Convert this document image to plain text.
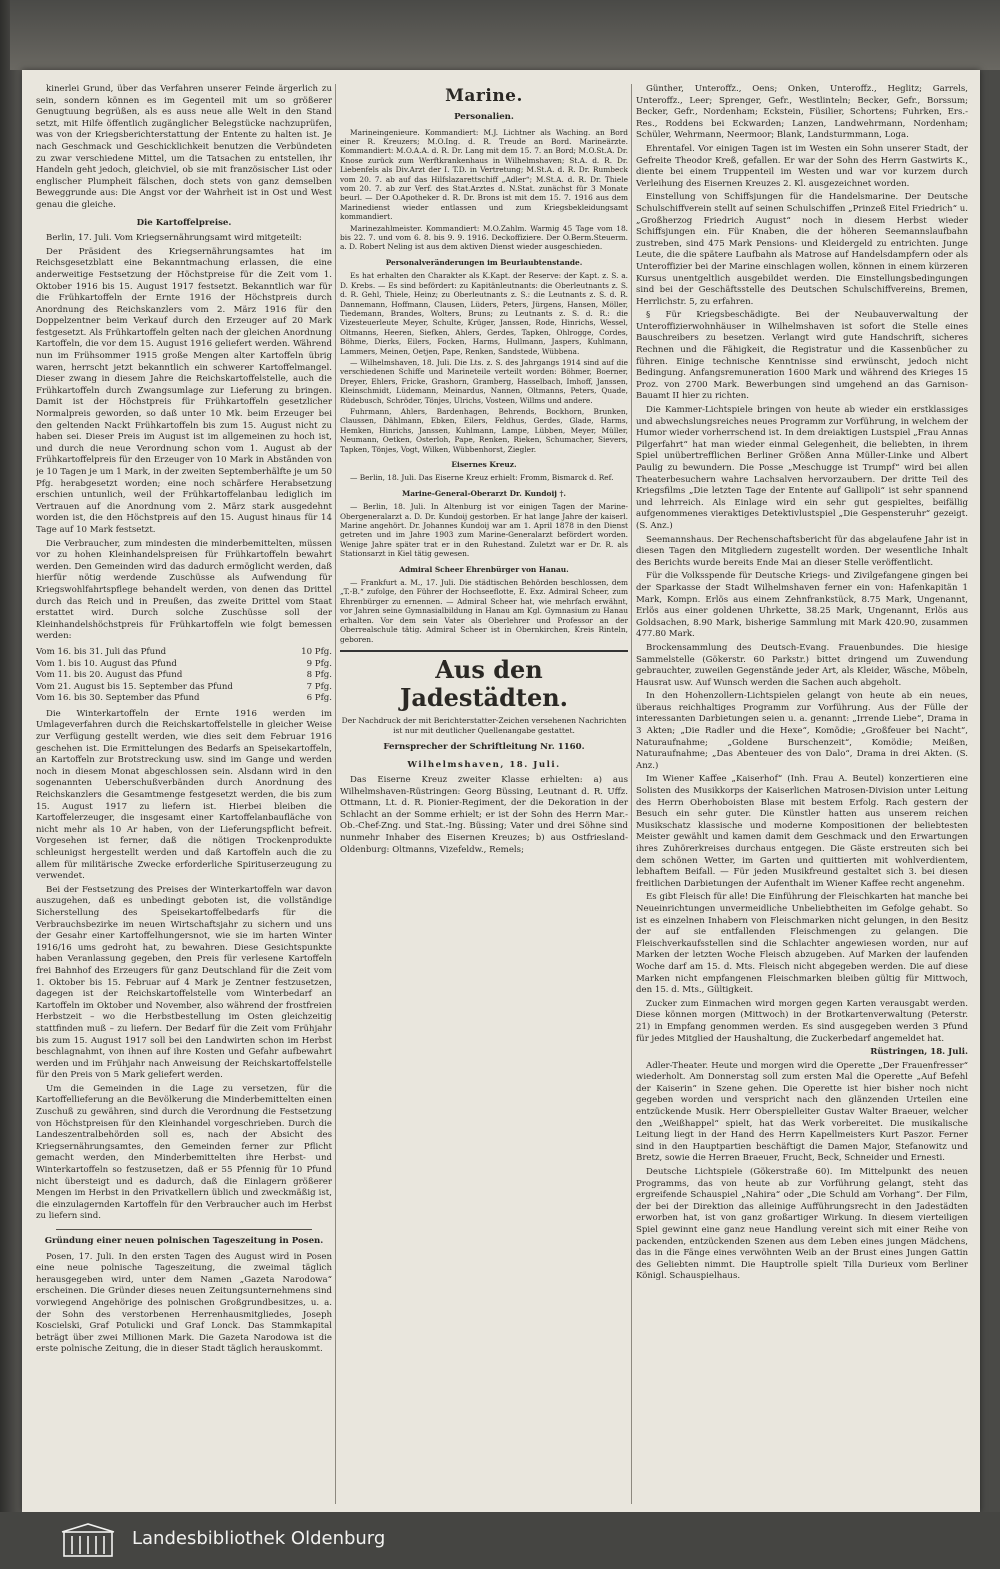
kinerlei Grund, über das Verfahren unserer Feinde ärgerlich zu sein, sondern können es im Gegenteil mit um so größerer Genugtuung begrüßen, als es auss neue alle Welt in den Stand setzt, mit Hilfe öffentlich zugänglicher Belegstücke nachzuprüfen, was von der Kriegsberichterstattung der Entente zu halten ist. Je nach Geschmack und Geschicklichkeit benutzen die Verbündeten zu zwar verschiedene Mittel, um die Tatsachen zu entstellen, ihr Handeln geht jedoch, gleichviel, ob sie mit französischer List oder englischer Plumpheit fälschen, doch stets von ganz demselben Beweggrunde aus: Die Angst vor der Wahrheit ist in Ost und West genau die gleiche.

Die Kartoffelpreise.

Berlin, 17. Juli. Vom Kriegsernährungsamt wird mitgeteilt:

Der Präsident des Kriegsernährungsamtes hat im Reichsgesetzblatt eine Bekanntmachung erlassen, die eine anderweitige Festsetzung der Höchstpreise für die Zeit vom 1. Oktober 1916 bis 15. August 1917 festsetzt. Bekanntlich war für die Frühkartoffeln der Ernte 1916 der Höchstpreis durch Anordnung des Reichskanzlers vom 2. März 1916 für den Doppelzentner beim Verkauf durch den Erzeuger auf 20 Mark festgesetzt. Als Frühkartoffeln gelten nach der gleichen Anordnung Kartoffeln, die vor dem 15. August 1916 geliefert werden. Während nun im Frühsommer 1915 große Mengen alter Kartoffeln übrig waren, herrscht jetzt bekanntlich ein schwerer Kartoffelmangel. Dieser zwang in diesem Jahre die Reichskartoffelstelle, auch die Frühkartoffeln durch Zwangsumlage zur Lieferung zu bringen. Damit ist der Höchstpreis für Frühkartoffeln gesetzlicher Normalpreis geworden, so daß unter 10 Mk. beim Erzeuger bei den geltenden Nackt Frühkartoffeln bis zum 15. August nicht zu haben sei. Dieser Preis im August ist im allgemeinen zu hoch ist, und durch die neue Verordnung schon vom 1. August ab der Frühkartoffelpreis für den Erzeuger von 10 Mark in Abständen von je 10 Tagen je um 1 Mark, in der zweiten Septemberhälfte je um 50 Pfg. herabgesetzt worden; eine noch schärfere Herabsetzung erschien untunlich, weil der Frühkartoffelanbau lediglich im Vertrauen auf die Anordnung vom 2. März stark ausgedehnt worden ist, die den Höchstpreis auf den 15. August hinaus für 14 Tage auf 10 Mark festsetzt.

Die Verbraucher, zum mindesten die minderbemittelten, müssen vor zu hohen Kleinhandelspreisen für Frühkartoffeln bewahrt werden. Den Gemeinden wird das dadurch ermöglicht werden, daß hierfür nötig werdende Zuschüsse als Aufwendung für Kriegswohlfahrtspflege behandelt werden, von denen das Drittel durch das Reich und in Preußen, das zweite Drittel vom Staat erstattet wird. Durch solche Zuschüsse soll der Kleinhandelshöchstpreis für Frühkartoffeln wie folgt bemessen werden:

Vom 16. bis 31. Juli das Pfund	10 Pfg.
Vom 1. bis 10. August das Pfund	9 Pfg.
Vom 11. bis 20. August das Pfund	8 Pfg.
Vom 21. August bis 15. September das Pfund	7 Pfg.
Vom 16. bis 30. September das Pfund	6 Pfg.

Die Winterkartoffeln der Ernte 1916 werden im Umlageverfahren durch die Reichskartoffelstelle in gleicher Weise zur Verfügung gestellt werden, wie dies seit dem Februar 1916 geschehen ist. Die Ermittelungen des Bedarfs an Speisekartoffeln, an Kartoffeln zur Brotstreckung usw. sind im Gange und werden noch in diesem Monat abgeschlossen sein. Alsdann wird in den sogenannten Ueberschußverbänden durch Anordnung des Reichskanzlers die Gesamtmenge festgesetzt werden, die bis zum 15. August 1917 zu liefern ist. Hierbei bleiben die Kartoffelerzeuger, die insgesamt einer Kartoffelanbaufläche von nicht mehr als 10 Ar haben, von der Lieferungspflicht befreit. Vorgesehen ist ferner, daß die nötigen Trockenprodukte schleunigst hergestellt werden und daß Kartoffeln auch die zu allem für militärische Zwecke erforderliche Spirituserzeugung zu verwendet.

Bei der Festsetzung des Preises der Winterkartoffeln war davon auszugehen, daß es unbedingt geboten ist, die vollständige Sicherstellung des Speisekartoffelbedarfs für die Verbrauchsbezirke im neuen Wirtschaftsjahr zu sichern und uns der Gesahr einer Kartoffelhungersnot, wie sie im harten Winter 1916/16 ums gedroht hat, zu bewahren. Diese Gesichtspunkte haben Veranlassung gegeben, den Preis für verlesene Kartoffeln frei Bahnhof des Erzeugers für ganz Deutschland für die Zeit vom 1. Oktober bis 15. Februar auf 4 Mark je Zentner festzusetzen, dagegen ist der Reichskartoffelstelle vom Winterbedarf an Kartoffeln im Oktober und November, also während der frostfreien Herbstzeit – wo die Herbstbestellung im Osten gleichzeitig stattfinden muß – zu liefern. Der Bedarf für die Zeit vom Frühjahr bis zum 15. August 1917 soll bei den Landwirten schon im Herbst beschlagnahmt, von ihnen auf ihre Kosten und Gefahr aufbewahrt werden und im Frühjahr nach Anweisung der Reichskartoffelstelle für den Preis von 5 Mark geliefert werden.

Um die Gemeinden in die Lage zu versetzen, für die Kartoffellieferung an die Bevölkerung die Minderbemittelten einen Zuschuß zu gewähren, sind durch die Verordnung die Festsetzung von Höchstpreisen für den Kleinhandel vorgeschrieben. Durch die Landeszentralbehörden soll es, nach der Absicht des Kriegsernährungsamtes, den Gemeinden ferner zur Pflicht gemacht werden, den Minderbemittelten ihre Herbst- und Winterkartoffeln so festzusetzen, daß er 55 Pfennig für 10 Pfund nicht übersteigt und es dadurch, daß die Einlagern größerer Mengen im Herbst in den Privatkellern üblich und zweckmäßig ist, die einzulagernden Kartoffeln für den Verbraucher auch im Herbst zu liefern sind.

Gründung einer neuen polnischen Tageszeitung in Posen.

Posen, 17. Juli. In den ersten Tagen des August wird in Posen eine neue polnische Tageszeitung, die zweimal täglich herausgegeben wird, unter dem Namen „Gazeta Narodowa“ erscheinen. Die Gründer dieses neuen Zeitungsunternehmens sind vorwiegend Angehörige des polnischen Großgrundbesitzes, u. a. der Sohn des verstorbenen Herrenhausmitgliedes, Joseph Koscielski, Graf Potulicki und Graf Lonck. Das Stammkapital beträgt über zwei Millionen Mark. Die Gazeta Narodowa ist die erste polnische Zeitung, die in dieser Stadt täglich herauskommt.

Marine.

Personalien.

Marineingenieure. Kommandiert: M.J. Lichtner als Waching. an Bord einer R. Kreuzers; M.O.Ing. d. R. Treude an Bord. Marineärzte. Kommandiert: M.O.A.A. d. R. Dr. Lang mit dem 15. 7. an Bord; M.O.St.A. Dr. Knose zurück zum Werftkrankenhaus in Wilhelmshaven; St.A. d. R. Dr. Liebenfels als Div.Arzt der I. T.D. in Vertretung; M.St.A. d. R. Dr. Rumbeck vom 20. 7. ab auf das Hilfslazarettschiff „Adler“; M.St.A. d. R. Dr. Thiele vom 20. 7. ab zur Verf. des Stat.Arztes d. N.Stat. zunächst für 3 Monate beurl. — Der O.Apotheker d. R. Dr. Brons ist mit dem 15. 7. 1916 aus dem Marinedienst wieder entlassen und zum Kriegsbekleidungsamt kommandiert.

Marinezahlmeister. Kommandiert: M.O.Zahlm. Warmig 45 Tage vom 18. bis 22. 7. und vom 6. 8. bis 9. 9. 1916. Deckoffiziere. Der O.Berm.Steuerm. a. D. Robert Neling ist aus dem aktiven Dienst wieder ausgeschieden.

Personalveränderungen im Beurlaubtenstande.

Es hat erhalten den Charakter als K.Kapt. der Reserve: der Kapt. z. S. a. D. Krebs. — Es sind befördert: zu Kapitänleutnants: die Oberleutnants z. S. d. R. Gehl, Thiele, Heinz; zu Oberleutnants z. S.: die Leutnants z. S. d. R. Dannemann, Hoffmann, Clausen, Lüders, Peters, Jürgens, Hansen, Möller, Tiedemann, Brandes, Wolters, Bruns; zu Leutnants z. S. d. R.: die Vizesteuerleute Meyer, Schulte, Krüger, Janssen, Rode, Hinrichs, Wessel, Oltmanns, Heeren, Siefken, Ahlers, Gerdes, Tapken, Ohlrogge, Cordes, Böhme, Dierks, Eilers, Focken, Harms, Hullmann, Jaspers, Kuhlmann, Lammers, Meinen, Oetjen, Pape, Renken, Sandstede, Wübbena.

— Wilhelmshaven, 18. Juli. Die Lts. z. S. des Jahrgangs 1914 sind auf die verschiedenen Schiffe und Marineteile verteilt worden: Böhmer, Boerner, Dreyer, Ehlers, Fricke, Grashorn, Gramberg, Hasselbach, Imhoff, Janssen, Kleinschmidt, Lüdemann, Meinardus, Nannen, Oltmanns, Peters, Quade, Rüdebusch, Schröder, Tönjes, Ulrichs, Vosteen, Willms und andere.

Fuhrmann, Ahlers, Bardenhagen, Behrends, Bockhorn, Brunken, Claussen, Dählmann, Ebken, Eilers, Feldhus, Gerdes, Glade, Harms, Hemken, Hinrichs, Janssen, Kuhlmann, Lampe, Lübben, Meyer, Müller, Neumann, Oetken, Osterloh, Pape, Renken, Rieken, Schumacher, Sievers, Tapken, Tönjes, Vogt, Wilken, Wübbenhorst, Ziegler.

Eisernes Kreuz.

— Berlin, 18. Juli. Das Eiserne Kreuz erhielt: Fromm, Bismarck d. Ref.

Marine-General-Oberarzt Dr. Kundoij †.

— Berlin, 18. Juli. In Altenburg ist vor einigen Tagen der Marine-Obergeneralarzt a. D. Dr. Kundoij gestorben. Er hat lange Jahre der kaiserl. Marine angehört. Dr. Johannes Kundoij war am 1. April 1878 in den Dienst getreten und im Jahre 1903 zum Marine-Generalarzt befördert worden. Wenige Jahre später trat er in den Ruhestand. Zuletzt war er Dr. R. als Stationsarzt in Kiel tätig gewesen.

Admiral Scheer Ehrenbürger von Hanau.

— Frankfurt a. M., 17. Juli. Die städtischen Behörden beschlossen, dem „T.-B.“ zufolge, den Führer der Hochseeflotte, E. Exz. Admiral Scheer, zum Ehrenbürger zu ernennen. — Admiral Scheer hat, wie mehrfach erwähnt, vor Jahren seine Gymnasialbildung in Hanau am Kgl. Gymnasium zu Hanau erhalten. Vor dem sein Vater als Oberlehrer und Professor an der Oberrealschule tätig. Admiral Scheer ist in Obernkirchen, Kreis Rinteln, geboren.

Aus den Jadestädten.

Der Nachdruck der mit Berichterstatter-Zeichen versehenen Nachrichten ist nur mit deutlicher Quellenangabe gestattet.

Fernsprecher der Schriftleitung Nr. 1160.

Wilhelmshaven, 18. Juli.

Das Eiserne Kreuz zweiter Klasse erhielten: a) aus Wilhelmshaven-Rüstringen: Georg Büssing, Leutnant d. R. Uffz. Ottmann, Lt. d. R. Pionier-Regiment, der die Dekoration in der Schlacht an der Somme erhielt; er ist der Sohn des Herrn Mar.-Ob.-Chef-Zng. und Stat.-Ing. Büssing; Vater und drei Söhne sind nunmehr Inhaber des Eisernen Kreuzes; b) aus Ostfriesland-Oldenburg: Oltmanns, Vizefeldw., Remels;

Günther, Unteroffz., Oens; Onken, Unteroffz., Heglitz; Garrels, Unteroffz., Leer; Sprenger, Gefr., Westlinteln; Becker, Gefr., Borssum; Becker, Gefr., Nordenham; Eckstein, Füsilier, Schortens; Fuhrken, Ers.-Res., Roddens bei Eckwarden; Lanzen, Landwehrmann, Nordenham; Schüler, Wehrmann, Neermoor; Blank, Landsturmmann, Loga.

Ehrentafel. Vor einigen Tagen ist im Westen ein Sohn unserer Stadt, der Gefreite Theodor Kreß, gefallen. Er war der Sohn des Herrn Gastwirts K., diente bei einem Truppenteil im Westen und war vor kurzem durch Verleihung des Eisernen Kreuzes 2. Kl. ausgezeichnet worden.

Einstellung von Schiffsjungen für die Handelsmarine. Der Deutsche Schulschiffverein stellt auf seinen Schulschiffen „Prinzeß Eitel Friedrich“ u. „Großherzog Friedrich August“ noch in diesem Herbst wieder Schiffsjungen ein. Für Knaben, die der höheren Seemannslaufbahn zustreben, sind 475 Mark Pensions- und Kleidergeld zu entrichten. Junge Leute, die die spätere Laufbahn als Matrose auf Handelsdampfern oder als Unteroffizier bei der Marine einschlagen wollen, können in einem kürzeren Kursus unentgeltlich ausgebildet werden. Die Einstellungsbedingungen sind bei der Geschäftsstelle des Deutschen Schulschiffvereins, Bremen, Herrlichstr. 5, zu erfahren.

§ Für Kriegsbeschädigte. Bei der Neubauverwaltung der Unteroffizierwohnhäuser in Wilhelmshaven ist sofort die Stelle eines Bauschreibers zu besetzen. Verlangt wird gute Handschrift, sicheres Rechnen und die Fähigkeit, die Registratur und die Kassenbücher zu führen. Einige technische Kenntnisse sind erwünscht, jedoch nicht Bedingung. Anfangsremuneration 1600 Mark und während des Krieges 15 Proz. von 2700 Mark. Bewerbungen sind umgehend an das Garnison-Bauamt II hier zu richten.

Die Kammer-Lichtspiele bringen von heute ab wieder ein erstklassiges und abwechslungsreiches neues Programm zur Vorführung, in welchem der Humor wieder vorherrschend ist. In dem dreiaktigen Lustspiel „Frau Annas Pilgerfahrt“ hat man wieder einmal Gelegenheit, die beliebten, in ihrem Spiel unübertrefflichen Berliner Größen Anna Müller-Linke und Albert Paulig zu bewundern. Die Posse „Meschugge ist Trumpf“ wird bei allen Theaterbesuchern wahre Lachsalven hervorzaubern. Der dritte Teil des Kriegsfilms „Die letzten Tage der Entente auf Gallipoli“ ist sehr spannend und lehrreich. Als Einlage wird ein sehr gut gespieltes, beifällig aufgenommenes vieraktiges Detektivlustspiel „Die Gespensteruhr“ gezeigt. (S. Anz.)

Seemannshaus. Der Rechenschaftsbericht für das abgelaufene Jahr ist in diesen Tagen den Mitgliedern zugestellt worden. Der wesentliche Inhalt des Berichts wurde bereits Ende Mai an dieser Stelle veröffentlicht.

Für die Volksspende für Deutsche Kriegs- und Zivilgefangene gingen bei der Sparkasse der Stadt Wilhelmshaven ferner ein von: Hafenkapitän 1 Mark, Kompn. Erlös aus einem Zehnfrankstück, 8.75 Mark, Ungenannt, Erlös aus einer goldenen Uhrkette, 38.25 Mark, Ungenannt, Erlös aus Goldsachen, 8.90 Mark, bisherige Sammlung mit Mark 420.90, zusammen 477.80 Mark.

Brockensammlung des Deutsch-Evang. Frauenbundes. Die hiesige Sammelstelle (Gökerstr. 60 Parkstr.) bittet dringend um Zuwendung gebrauchter, zuweilen Gegenstände jeder Art, als Kleider, Wäsche, Möbeln, Hausrat usw. Auf Wunsch werden die Sachen auch abgeholt.

In den Hohenzollern-Lichtspielen gelangt von heute ab ein neues, überaus reichhaltiges Programm zur Vorführung. Aus der Fülle der interessanten Darbietungen seien u. a. genannt: „Irrende Liebe“, Drama in 3 Akten; „Die Radler und die Hexe“, Komödie; „Großfeuer bei Nacht“, Naturaufnahme; „Goldene Burschenzeit“, Komödie; Meißen, Naturaufnahme; „Das Abenteuer des von Dalo“, Drama in drei Akten. (S. Anz.)

Im Wiener Kaffee „Kaiserhof“ (Inh. Frau A. Beutel) konzertieren eine Solisten des Musikkorps der Kaiserlichen Matrosen-Division unter Leitung des Herrn Oberhoboisten Blase mit bestem Erfolg. Rach gestern der Besuch ein sehr guter. Die Künstler hatten aus unserem reichen Musikschatz klassische und moderne Kompositionen der beliebtesten Meister gewählt und kamen damit dem Geschmack und den Erwartungen ihres Zuhörerkreises durchaus entgegen. Die Gäste erstreuten sich bei dem schönen Wetter, im Garten und quittierten mit wohlverdientem, lebhaftem Beifall. — Für jeden Musikfreund gestaltet sich 3. bei diesen freitlichen Darbietungen der Aufenthalt im Wiener Kaffee recht angenehm.

Es gibt Fleisch für alle! Die Einführung der Fleischkarten hat manche bei Neueinrichtungen unvermeidliche Unbeliebtheiten im Gefolge gehabt. So ist es einzelnen Inhabern von Fleischmarken nicht gelungen, in den Besitz der auf sie entfallenden Fleischmengen zu gelangen. Die Fleischverkaufsstellen sind die Schlachter angewiesen worden, nur auf Marken der letzten Woche Fleisch abzugeben. Auf Marken der laufenden Woche darf am 15. d. Mts. Fleisch nicht abgegeben werden. Die auf diese Marken nicht empfangenen Fleischmarken bleiben gültig für Mittwoch, den 15. d. Mts., Gültigkeit.

Zucker zum Einmachen wird morgen gegen Karten verausgabt werden. Diese können morgen (Mittwoch) in der Brotkartenverwaltung (Peterstr. 21) in Empfang genommen werden. Es sind ausgegeben werden 3 Pfund für jedes Mitglied der Haushaltung, die Zuckerbedarf angemeldet hat.

Rüstringen, 18. Juli.

Adler-Theater. Heute und morgen wird die Operette „Der Frauenfresser“ wiederholt. Am Donnerstag soll zum ersten Mal die Operette „Auf Befehl der Kaiserin“ in Szene gehen. Die Operette ist hier bisher noch nicht gegeben worden und verspricht nach den glänzenden Urteilen eine entzückende Musik. Herr Oberspielleiter Gustav Walter Braeuer, welcher den „Weißhappel“ spielt, hat das Werk vorbereitet. Die musikalische Leitung liegt in der Hand des Herrn Kapellmeisters Kurt Paszor. Ferner sind in den Hauptpartien beschäftigt die Damen Major, Stefanowitz und Bretz, sowie die Herren Braeuer, Frucht, Beck, Schneider und Ernesti.

Deutsche Lichtspiele (Gökerstraße 60). Im Mittelpunkt des neuen Programms, das von heute ab zur Vorführung gelangt, steht das ergreifende Schauspiel „Nahira“ oder „Die Schuld am Vorhang“. Der Film, der bei der Direktion das alleinige Aufführungsrecht in den Jadestädten erworben hat, ist von ganz großartiger Wirkung. In diesem vierteiligen Spiel gewinnt eine ganz neue Handlung vereint sich mit einer Reihe von packenden, entzückenden Szenen aus dem Leben eines jungen Mädchens, das in die Fänge eines verwöhnten Weib an der Brust eines Jungen Gattin des Geliebten nimmt. Die Hauptrolle spielt Tilla Durieux vom Berliner Königl. Schauspielhaus.

Landesbibliothek Oldenburg
